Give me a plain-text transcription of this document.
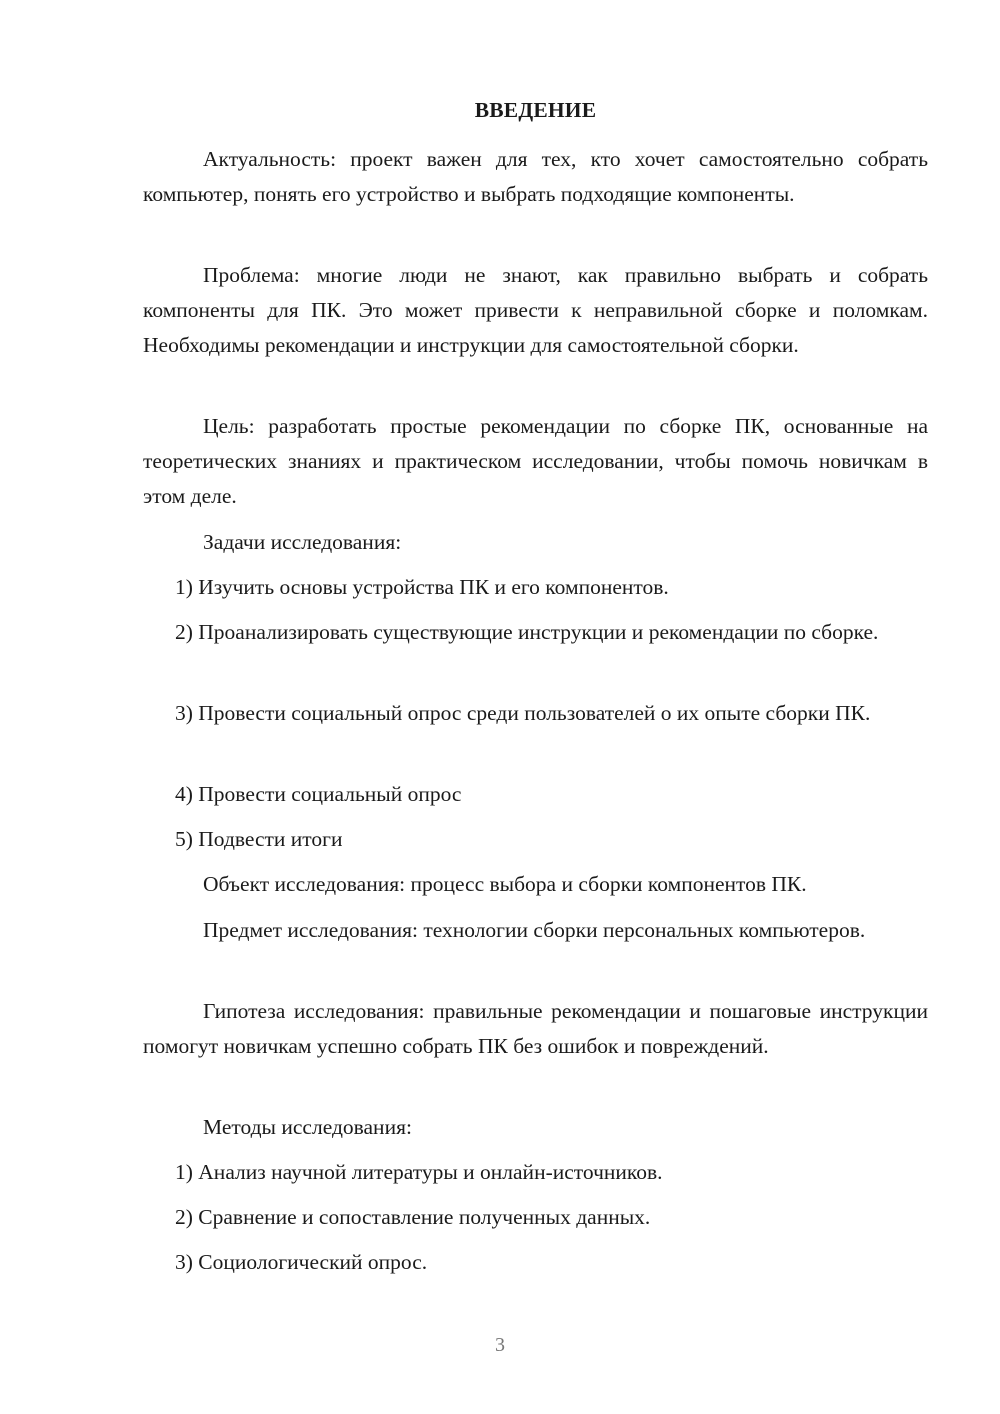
ВВЕДЕНИЕ

Актуальность: проект важен для тех, кто хочет самостоятельно собрать компьютер, понять его устройство и выбрать подходящие компоненты.

Проблема: многие люди не знают, как правильно выбрать и собрать компоненты для ПК. Это может привести к неправильной сборке и поломкам. Необходимы рекомендации и инструкции для самостоятельной сборки.

Цель: разработать простые рекомендации по сборке ПК, основанные на теоретических знаниях и практическом исследовании, чтобы помочь новичкам в этом деле.

Задачи исследования:

1) Изучить основы устройства ПК и его компонентов.

2) Проанализировать существующие инструкции и рекомендации по сборке.

3) Провести социальный опрос среди пользователей о их опыте сборки ПК.

4) Провести социальный опрос

5) Подвести итоги

Объект исследования: процесс выбора и сборки компонентов ПК.

Предмет исследования: технологии сборки персональных компьютеров.

Гипотеза исследования: правильные рекомендации и пошаговые инструкции помогут новичкам успешно собрать ПК без ошибок и повреждений.

Методы исследования:

1) Анализ научной литературы и онлайн-источников.

2) Сравнение и сопоставление полученных данных.

3) Социологический опрос.

3
